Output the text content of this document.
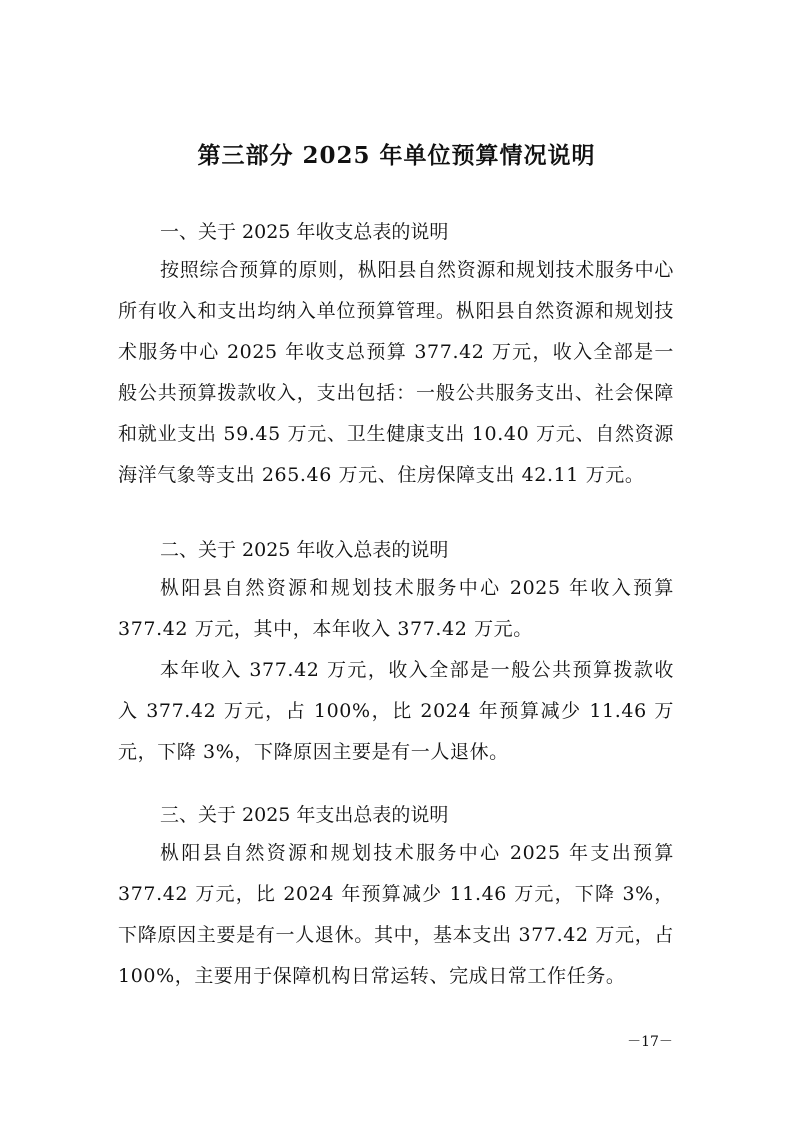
第三部分 2025 年单位预算情况说明
一、关于 2025 年收支总表的说明
按照综合预算的原则，枞阳县自然资源和规划技术服务中心所有收入和支出均纳入单位预算管理。枞阳县自然资源和规划技术服务中心 2025 年收支总预算 377.42 万元，收入全部是一般公共预算拨款收入，支出包括：一般公共服务支出、社会保障和就业支出 59.45 万元、卫生健康支出 10.40 万元、自然资源海洋气象等支出 265.46 万元、住房保障支出 42.11 万元。
二、关于 2025 年收入总表的说明
枞阳县自然资源和规划技术服务中心 2025 年收入预算 377.42 万元，其中，本年收入 377.42 万元。
本年收入 377.42 万元，收入全部是一般公共预算拨款收入 377.42 万元，占 100%，比 2024 年预算减少 11.46 万元，下降 3%，下降原因主要是有一人退休。
三、关于 2025 年支出总表的说明
枞阳县自然资源和规划技术服务中心 2025 年支出预算 377.42 万元，比 2024 年预算减少 11.46 万元，下降 3%，下降原因主要是有一人退休。其中，基本支出 377.42 万元，占 100%，主要用于保障机构日常运转、完成日常工作任务。
－17－
